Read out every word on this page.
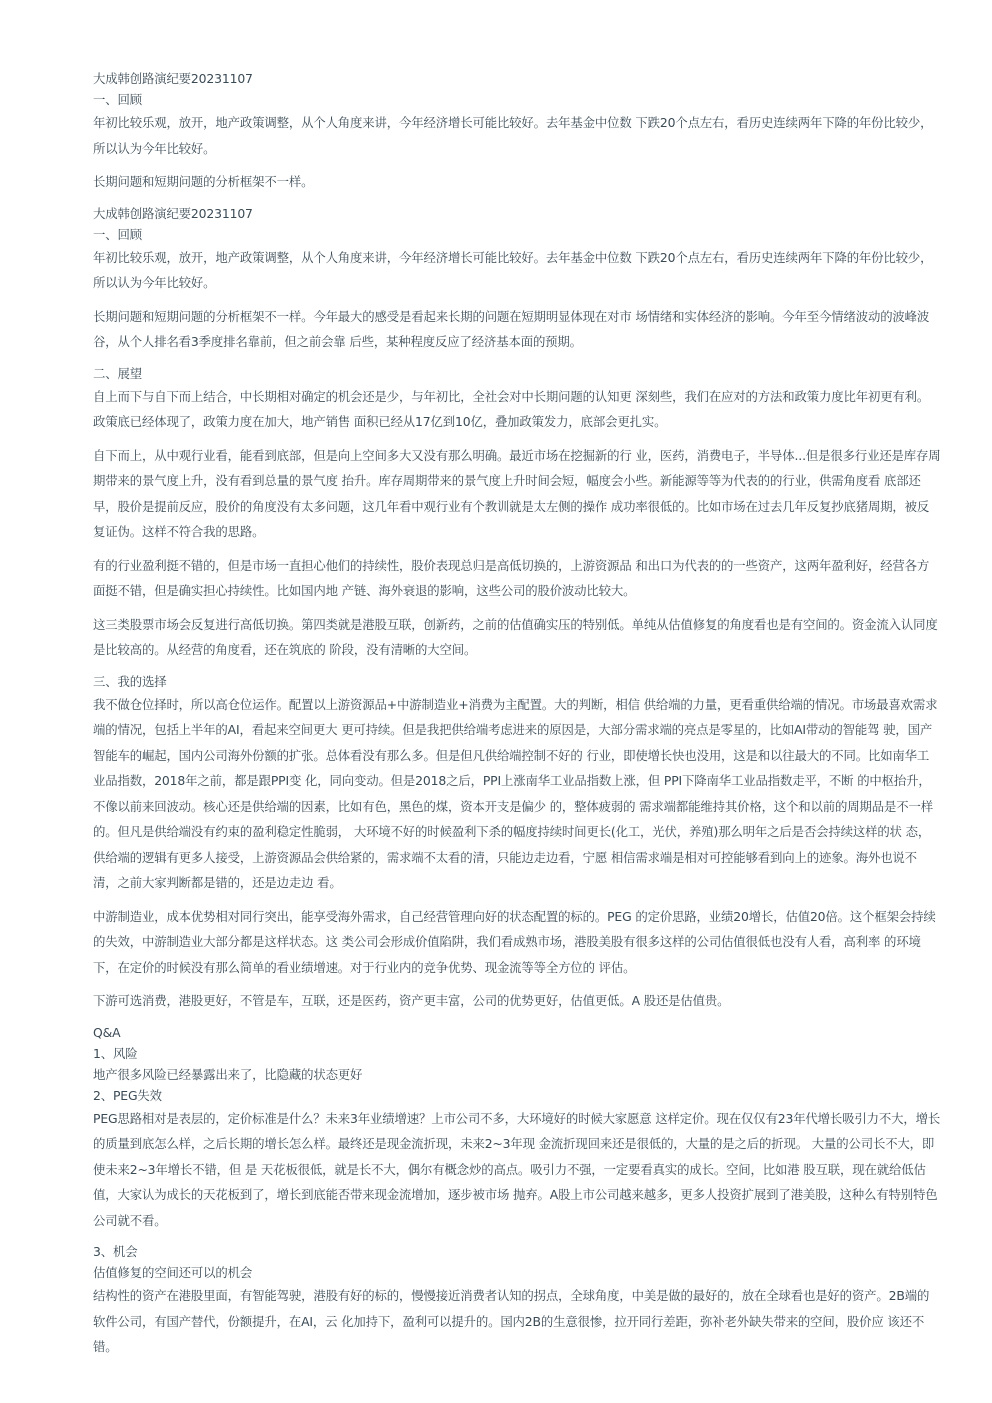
大成韩创路演纪要20231107
一、回顾
年初比较乐观，放开，地产政策调整，从个人角度来讲，今年经济增长可能比较好。去年基金中位数 下跌20个点左右，看历史连续两年下降的年份比较少，所以认为今年比较好。
长期问题和短期问题的分析框架不一样。
大成韩创路演纪要20231107
一、回顾
年初比较乐观，放开，地产政策调整，从个人角度来讲，今年经济增长可能比较好。去年基金中位数 下跌20个点左右，看历史连续两年下降的年份比较少，所以认为今年比较好。
长期问题和短期问题的分析框架不一样。今年最大的感受是看起来长期的问题在短期明显体现在对市 场情绪和实体经济的影响。今年至今情绪波动的波峰波谷，从个人排名看3季度排名靠前，但之前会靠 后些，某种程度反应了经济基本面的预期。
二、展望
自上而下与自下而上结合，中长期相对确定的机会还是少，与年初比，全社会对中长期问题的认知更 深刻些，我们在应对的方法和政策力度比年初更有利。政策底已经体现了，政策力度在加大，地产销售 面积已经从17亿到10亿，叠加政策发力，底部会更扎实。
自下而上，从中观行业看，能看到底部，但是向上空间多大又没有那么明确。最近市场在挖掘新的行 业，医药，消费电子，半导体...但是很多行业还是库存周期带来的景气度上升，没有看到总量的景气度 抬升。库存周期带来的景气度上升时间会短，幅度会小些。新能源等等为代表的的行业，供需角度看 底部还早，股价是提前反应，股价的角度没有太多问题，这几年看中观行业有个教训就是太左侧的操作 成功率很低的。比如市场在过去几年反复抄底猪周期，被反复证伪。这样不符合我的思路。
有的行业盈利挺不错的，但是市场一直担心他们的持续性，股价表现总归是高低切换的，上游资源品 和出口为代表的的一些资产，这两年盈利好，经营各方面挺不错，但是确实担心持续性。比如国内地 产链、海外衰退的影响，这些公司的股价波动比较大。
这三类股票市场会反复进行高低切换。第四类就是港股互联，创新药，之前的估值确实压的特别低。单纯从估值修复的角度看也是有空间的。资金流入认同度是比较高的。从经营的角度看，还在筑底的 阶段，没有清晰的大空间。
三、我的选择
我不做仓位择时，所以高仓位运作。配置以上游资源品+中游制造业+消费为主配置。大的判断，相信 供给端的力量，更看重供给端的情况。市场最喜欢需求端的情况，包括上半年的AI，看起来空间更大 更可持续。但是我把供给端考虑进来的原因是，大部分需求端的亮点是零星的，比如AI带动的智能驾 驶，国产智能车的崛起，国内公司海外份额的扩张。总体看没有那么多。但是但凡供给端控制不好的 行业，即使增长快也没用，这是和以往最大的不同。比如南华工业品指数，2018年之前，都是跟PPI变 化，同向变动。但是2018之后，PPI上涨南华工业品指数上涨，但 PPI下降南华工业品指数走平，不断 的中枢抬升，不像以前来回波动。核心还是供给端的因素，比如有色，黑色的煤，资本开支是偏少 的，整体疲弱的 需求端都能维持其价格，这个和以前的周期品是不一样的。但凡是供给端没有约束的盈利稳定性脆弱， 大环境不好的时候盈利下杀的幅度持续时间更长(化工，光伏，养殖)那么明年之后是否会持续这样的状 态，供给端的逻辑有更多人接受，上游资源品会供给紧的，需求端不太看的清，只能边走边看，宁愿 相信需求端是相对可控能够看到向上的迹象。海外也说不清，之前大家判断都是错的，还是边走边 看。
中游制造业，成本优势相对同行突出，能享受海外需求，自己经营管理向好的状态配置的标的。PEG 的定价思路，业绩20增长，估值20倍。这个框架会持续的失效，中游制造业大部分都是这样状态。这 类公司会形成价值陷阱，我们看成熟市场，港股美股有很多这样的公司估值很低也没有人看，高利率 的环境下，在定价的时候没有那么简单的看业绩增速。对于行业内的竞争优势、现金流等等全方位的 评估。
下游可选消费，港股更好，不管是车，互联，还是医药，资产更丰富，公司的优势更好，估值更低。A 股还是估值贵。
Q&A
1、风险
地产很多风险已经暴露出来了，比隐藏的状态更好
2、PEG失效
PEG思路相对是表层的，定价标准是什么？未来3年业绩增速？上市公司不多，大环境好的时候大家愿意 这样定价。现在仅仅有23年代增长吸引力不大，增长的质量到底怎么样，之后长期的增长怎么样。最终还是现金流折现，未来2~3年现 金流折现回来还是很低的，大量的是之后的折现。 大量的公司长不大，即使未来2~3年增长不错，但 是 天花板很低，就是长不大，偶尔有概念炒的高点。吸引力不强，一定要看真实的成长。空间，比如港 股互联，现在就给低估值，大家认为成长的天花板到了，增长到底能否带来现金流增加，逐步被市场 抛弃。A股上市公司越来越多，更多人投资扩展到了港美股，这种么有特别特色公司就不看。
3、机会
估值修复的空间还可以的机会
结构性的资产在港股里面，有智能驾驶，港股有好的标的，慢慢接近消费者认知的拐点，全球角度，中美是做的最好的，放在全球看也是好的资产。2B端的软件公司，有国产替代，份额提升，在AI，云 化加持下，盈利可以提升的。国内2B的生意很惨，拉开同行差距，弥补老外缺失带来的空间，股价应 该还不错。
